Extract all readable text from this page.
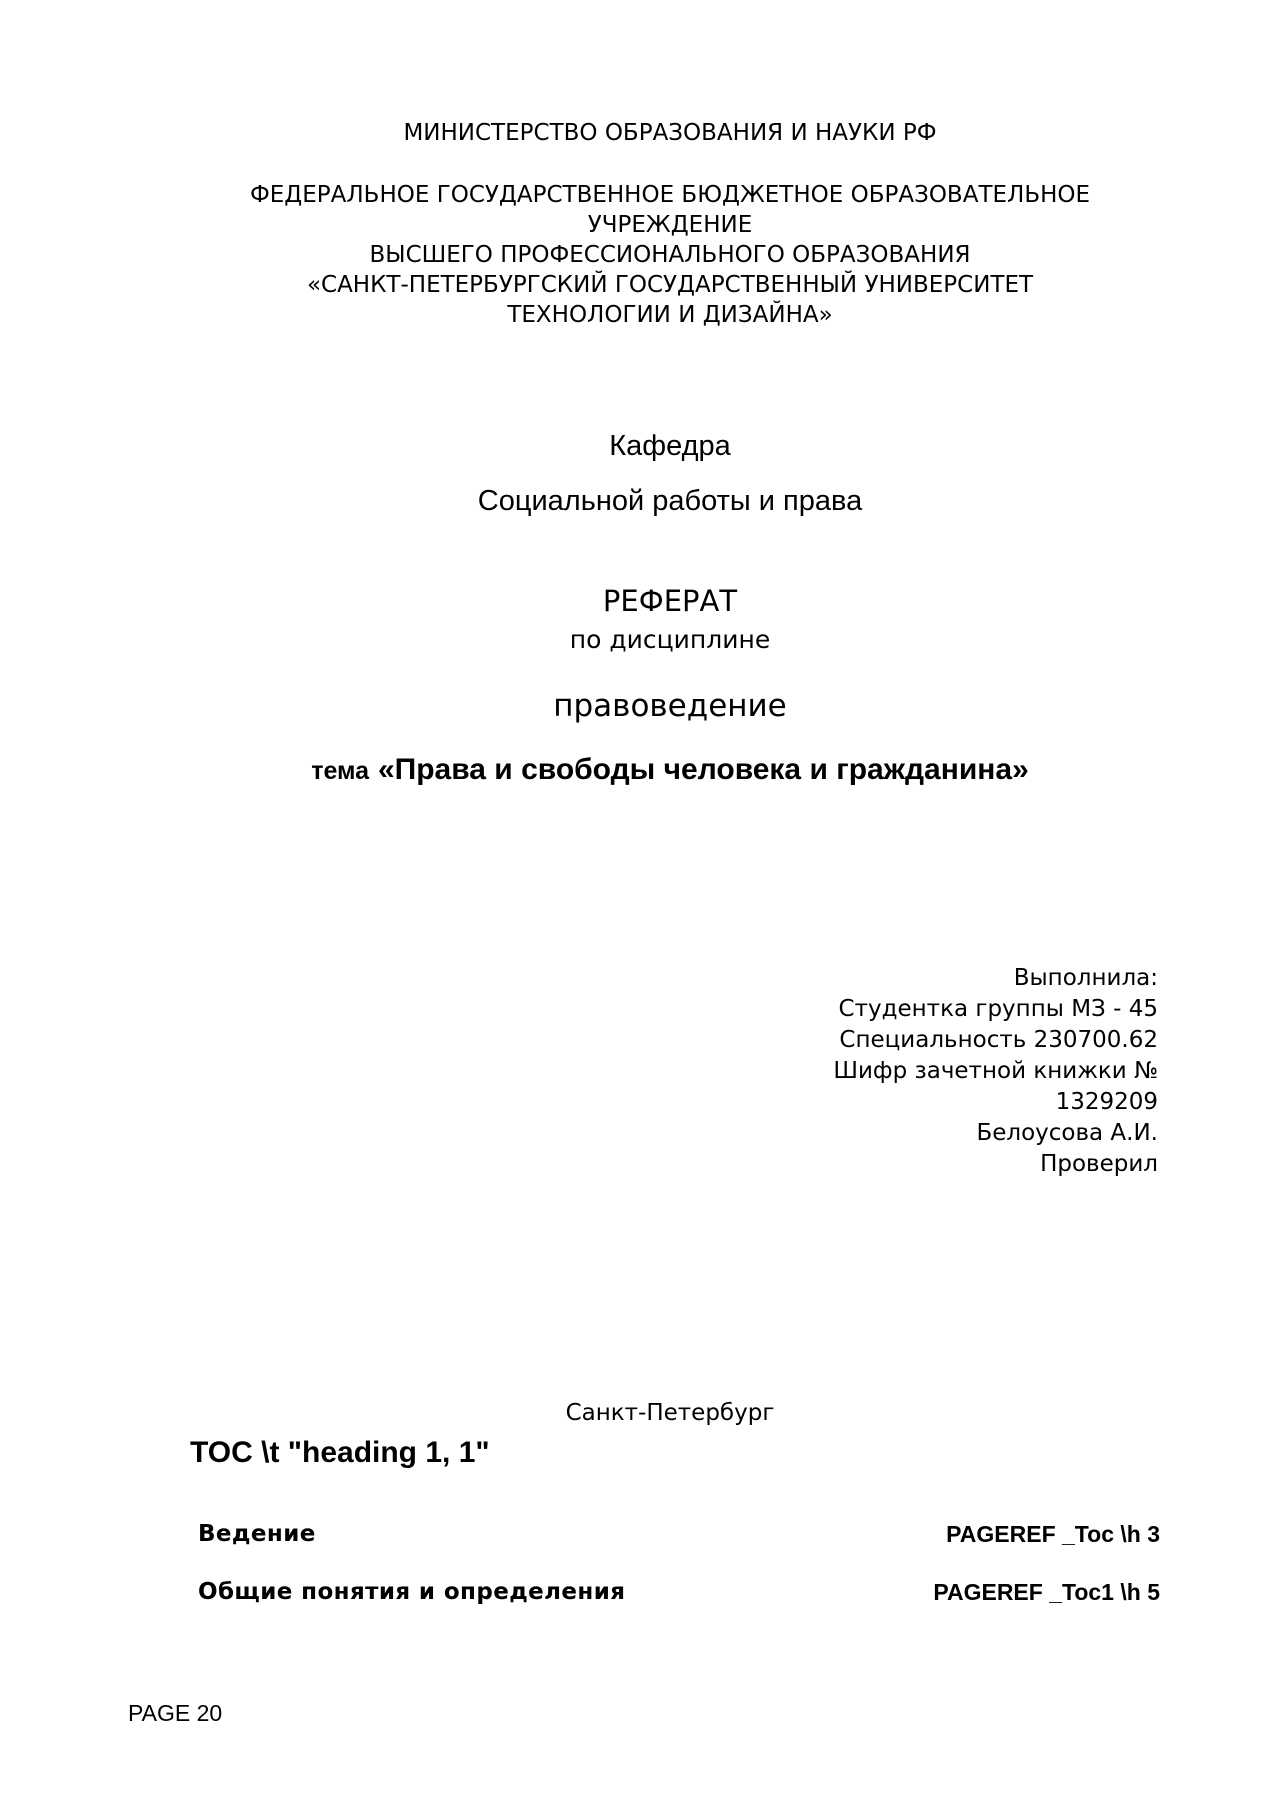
МИНИСТЕРСТВО ОБРАЗОВАНИЯ И НАУКИ РФ
ФЕДЕРАЛЬНОЕ ГОСУДАРСТВЕННОЕ БЮДЖЕТНОЕ ОБРАЗОВАТЕЛЬНОЕ
УЧРЕЖДЕНИЕ
ВЫСШЕГО ПРОФЕССИОНАЛЬНОГО ОБРАЗОВАНИЯ
«САНКТ-ПЕТЕРБУРГСКИЙ ГОСУДАРСТВЕННЫЙ УНИВЕРСИТЕТ
ТЕХНОЛОГИИ И ДИЗАЙНА»
Кафедра
Социальной работы и права
РЕФЕРАТ
по дисциплине
правоведение
тема «Права и свободы человека и гражданина»
Выполнила:
Студентка группы МЗ - 45
Специальность 230700.62
Шифр зачетной книжки №
1329209
Белоусова А.И.
Проверил
Санкт-Петербург
TOC \t "heading 1, 1"
Ведение	PAGEREF _Toc \h 3
Общие понятия и определения	PAGEREF _Toc1 \h 5
PAGE 20
